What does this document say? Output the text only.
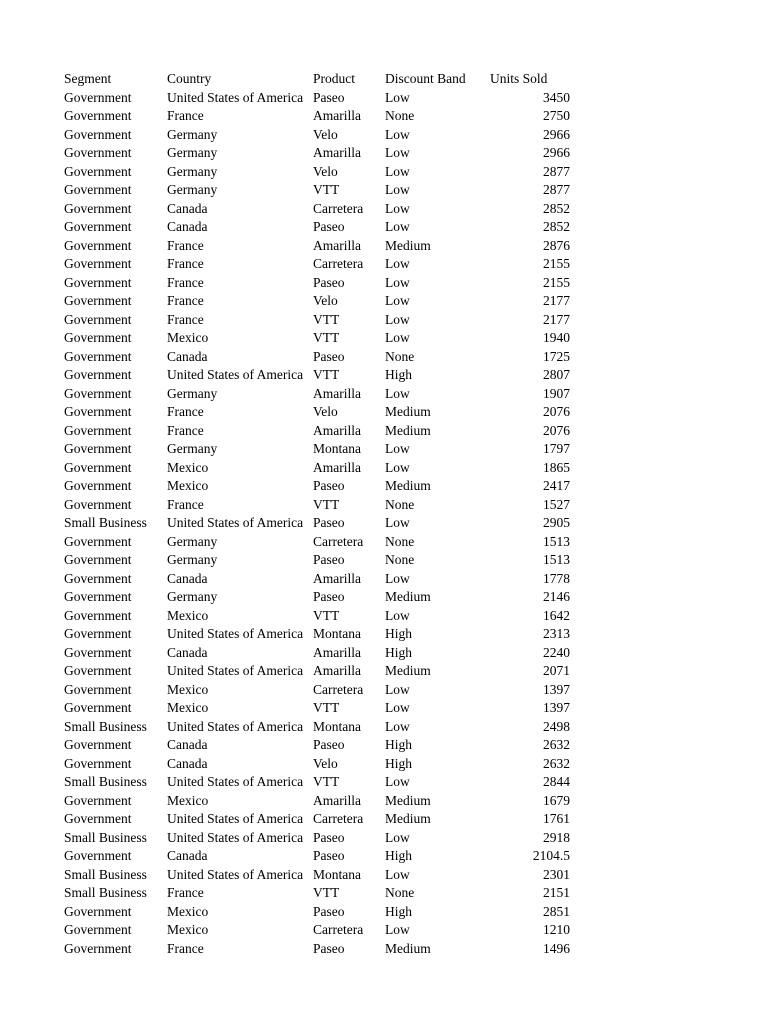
Segment	Country	Product	Discount Band	Units Sold
Government	United States of America	Paseo	Low	3450
Government	France	Amarilla	None	2750
Government	Germany	Velo	Low	2966
Government	Germany	Amarilla	Low	2966
Government	Germany	Velo	Low	2877
Government	Germany	VTT	Low	2877
Government	Canada	Carretera	Low	2852
Government	Canada	Paseo	Low	2852
Government	France	Amarilla	Medium	2876
Government	France	Carretera	Low	2155
Government	France	Paseo	Low	2155
Government	France	Velo	Low	2177
Government	France	VTT	Low	2177
Government	Mexico	VTT	Low	1940
Government	Canada	Paseo	None	1725
Government	United States of America	VTT	High	2807
Government	Germany	Amarilla	Low	1907
Government	France	Velo	Medium	2076
Government	France	Amarilla	Medium	2076
Government	Germany	Montana	Low	1797
Government	Mexico	Amarilla	Low	1865
Government	Mexico	Paseo	Medium	2417
Government	France	VTT	None	1527
Small Business	United States of America	Paseo	Low	2905
Government	Germany	Carretera	None	1513
Government	Germany	Paseo	None	1513
Government	Canada	Amarilla	Low	1778
Government	Germany	Paseo	Medium	2146
Government	Mexico	VTT	Low	1642
Government	United States of America	Montana	High	2313
Government	Canada	Amarilla	High	2240
Government	United States of America	Amarilla	Medium	2071
Government	Mexico	Carretera	Low	1397
Government	Mexico	VTT	Low	1397
Small Business	United States of America	Montana	Low	2498
Government	Canada	Paseo	High	2632
Government	Canada	Velo	High	2632
Small Business	United States of America	VTT	Low	2844
Government	Mexico	Amarilla	Medium	1679
Government	United States of America	Carretera	Medium	1761
Small Business	United States of America	Paseo	Low	2918
Government	Canada	Paseo	High	2104.5
Small Business	United States of America	Montana	Low	2301
Small Business	France	VTT	None	2151
Government	Mexico	Paseo	High	2851
Government	Mexico	Carretera	Low	1210
Government	France	Paseo	Medium	1496
